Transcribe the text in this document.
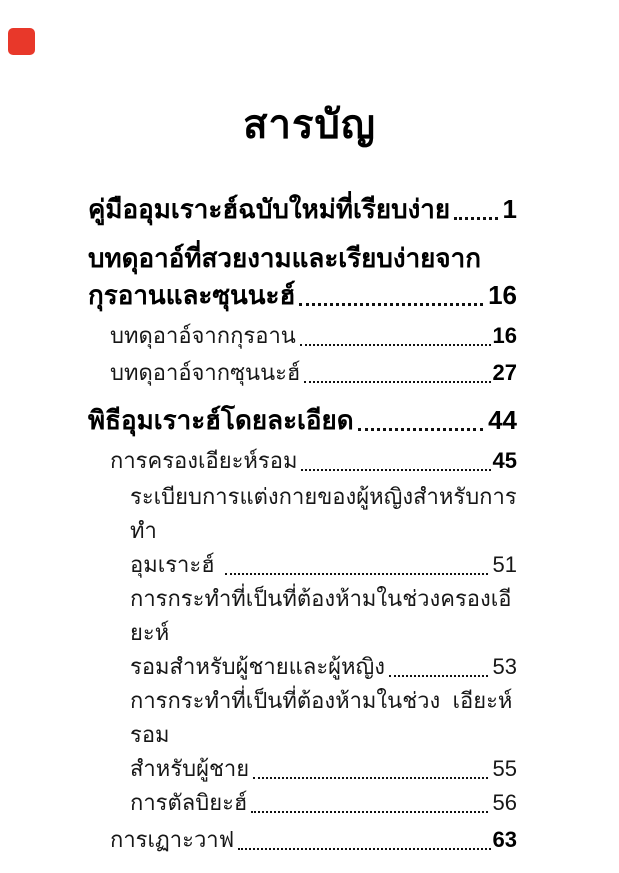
สารบัญ
คู่มืออุมเราะฮ์ฉบับใหม่ที่เรียบง่าย 1
บทดุอาอ์ที่สวยงามและเรียบง่ายจาก
กุรอานและซุนนะฮ์	16
บทดุอาอ์จากกุรอาน	16
บทดุอาอ์จากซุนนะฮ์	27
พิธีอุมเราะฮ์โดยละเอียด	44
การครองเอียะห์รอม	45
ระเบียบการแต่งกายของผู้หญิงสำหรับการทำ
อุมเราะฮ์	51
การกระทำที่เป็นที่ต้องห้ามในช่วงครองเอียะห์
รอมสำหรับผู้ชายและผู้หญิง	53
การกระทำที่เป็นที่ต้องห้ามในช่วง  เอียะห์รอม
สำหรับผู้ชาย	55
การตัลบิยะฮ์	56
การเฏาะวาฟ	63
